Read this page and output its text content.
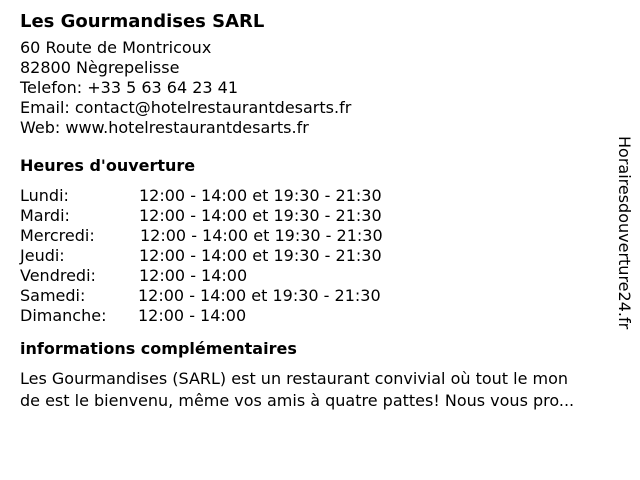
Les Gourmandises SARL

60 Route de Montricoux

82800 Nègrepelisse

Telefon: +33 5 63 64 23 41

Email: contact@hotelrestaurantdesarts.fr

Web: www.hotelrestaurantdesarts.fr

Heures d'ouverture
Lundi:	12:00 - 14:00 et 19:30 - 21:30
Mardi:	12:00 - 14:00 et 19:30 - 21:30
Mercredi:	12:00 - 14:00 et 19:30 - 21:30
Jeudi:	12:00 - 14:00 et 19:30 - 21:30
Vendredi:	12:00 - 14:00
Samedi:	12:00 - 14:00 et 19:30 - 21:30
Dimanche: 12:00 - 14:00
informations complémentaires

Les Gourmandises (SARL) est un restaurant convivial où tout le mon
de est le bienvenu, même vos amis à quatre pattes! Nous vous pro...

Horairesdouverture24.fr
